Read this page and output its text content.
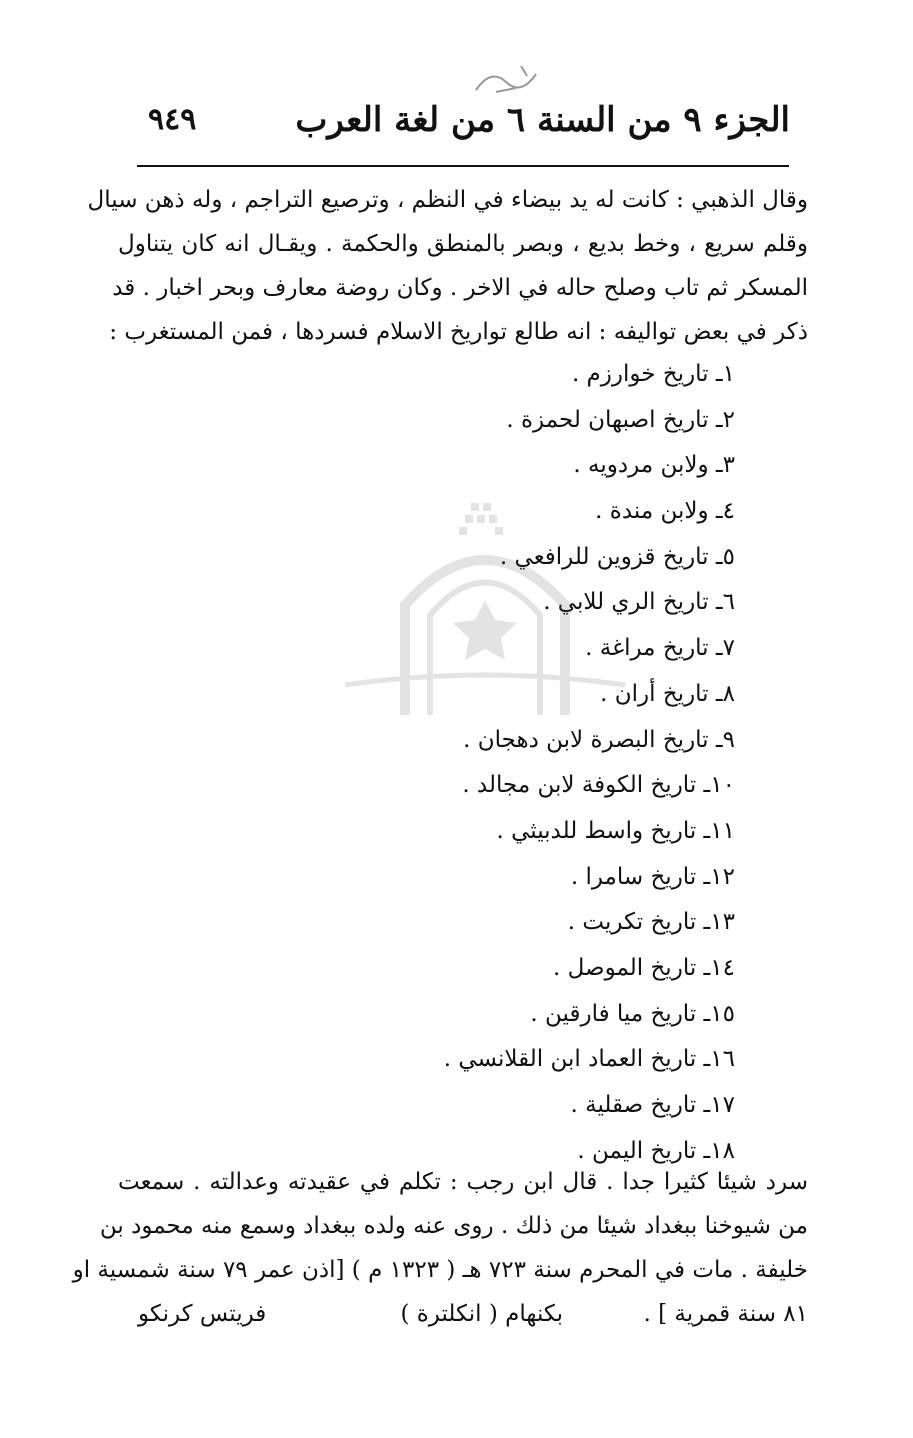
الجزء ٩ من السنة ٦ من لغة العرب
٩٤٩
وقال الذهبي : كانت له يد بيضاء في النظم ، وترصيع التراجم ، وله ذهن سيال
وقلم سريع ، وخط بديع ، وبصر بالمنطق والحكمة . ويقـال انه كان يتناول
المسكر ثم تاب وصلح حاله في الاخر . وكان روضة معارف وبحر اخبار . قد
ذكر في بعض تواليفه : انه طالع تواريخ الاسلام فسردها ، فمن المستغرب :
١ـ تاريخ خوارزم .
٢ـ تاريخ اصبهان لحمزة .
٣ـ ولابن مردويه .
٤ـ ولابن مندة .
٥ـ تاريخ قزوين للرافعي .
٦ـ تاريخ الري للابي .
٧ـ تاريخ مراغة .
٨ـ تاريخ أران .
٩ـ تاريخ البصرة لابن دهجان .
١٠ـ تاريخ الكوفة لابن مجالد .
١١ـ تاريخ واسط للدبيثي .
١٢ـ تاريخ سامرا .
١٣ـ تاريخ تكريت .
١٤ـ تاريخ الموصل .
١٥ـ تاريخ ميا فارقين .
١٦ـ تاريخ العماد ابن القلانسي .
١٧ـ تاريخ صقلية .
١٨ـ تاريخ اليمن .
سرد شيئا كثيرا جدا . قال ابن رجب : تكلم في عقيدته وعدالته . سمعت
من شيوخنا ببغداد شيئا من ذلك . روى عنه ولده ببغداد وسمع منه محمود بن
خليفة . مات في المحرم سنة ٧٢٣ هـ ( ١٣٢٣ م ) [اذن عمر ٧٩ سنة شمسية او
٨١ سنة قمرية ] .
بكنهام ( انكلترة )
فريتس كرنكو
